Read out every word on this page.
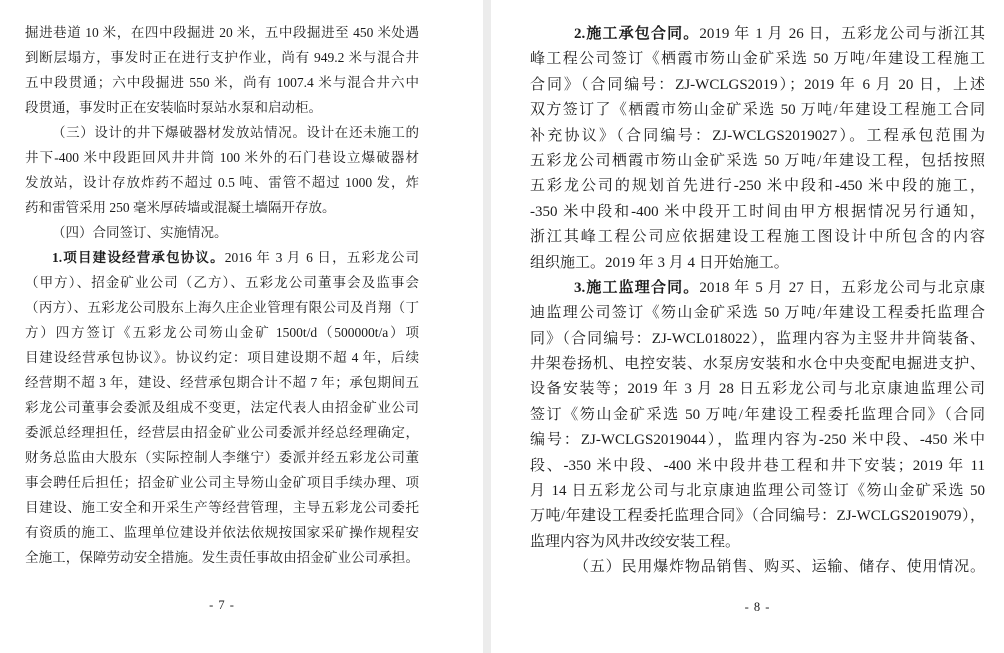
掘进巷道 10 米，在四中段掘进 20 米，五中段掘进至 450 米处遇
到断层塌方，事发时正在进行支护作业，尚有 949.2 米与混合井
五中段贯通；六中段掘进 550 米，尚有 1007.4 米与混合井六中
段贯通，事发时正在安装临时泵站水泵和启动柜。
（三）设计的井下爆破器材发放站情况。设计在还未施工的
井下-400 米中段距回风井井筒 100 米外的石门巷设立爆破器材
发放站，设计存放炸药不超过 0.5 吨、雷管不超过 1000 发，炸
药和雷管采用 250 毫米厚砖墙或混凝土墙隔开存放。
（四）合同签订、实施情况。
1.项目建设经营承包协议。2016 年 3 月 6 日，五彩龙公司
（甲方）、招金矿业公司（乙方）、五彩龙公司董事会及监事会
（丙方）、五彩龙公司股东上海久庄企业管理有限公司及肖翔（丁
方）四方签订《五彩龙公司笏山金矿 1500t/d（500000t/a）项
目建设经营承包协议》。协议约定：项目建设期不超 4 年，后续
经营期不超 3 年，建设、经营承包期合计不超 7 年；承包期间五
彩龙公司董事会委派及组成不变更，法定代表人由招金矿业公司
委派总经理担任，经营层由招金矿业公司委派并经总经理确定，
财务总监由大股东（实际控制人李继宁）委派并经五彩龙公司董
事会聘任后担任；招金矿业公司主导笏山金矿项目手续办理、项
目建设、施工安全和开采生产等经营管理，主导五彩龙公司委托
有资质的施工、监理单位建设并依法依规按国家采矿操作规程安
全施工，保障劳动安全措施。发生责任事故由招金矿业公司承担。
2.施工承包合同。2019 年 1 月 26 日，五彩龙公司与浙江其
峰工程公司签订《栖霞市笏山金矿采选 50 万吨/年建设工程施工
合同》（合同编号：ZJ-WCLGS2019）；2019 年 6 月 20 日，上述
双方签订了《栖霞市笏山金矿采选 50 万吨/年建设工程施工合同
补充协议》（合同编号：ZJ-WCLGS2019027）。工程承包范围为
五彩龙公司栖霞市笏山金矿采选 50 万吨/年建设工程，包括按照
五彩龙公司的规划首先进行-250 米中段和-450 米中段的施工，
-350 米中段和-400 米中段开工时间由甲方根据情况另行通知，
浙江其峰工程公司应依据建设工程施工图设计中所包含的内容
组织施工。2019 年 3 月 4 日开始施工。
3.施工监理合同。2018 年 5 月 27 日，五彩龙公司与北京康
迪监理公司签订《笏山金矿采选 50 万吨/年建设工程委托监理合
同》（合同编号：ZJ-WCL018022），监理内容为主竖井井筒装备、
井架卷扬机、电控安装、水泵房安装和水仓中央变配电掘进支护、
设备安装等；2019 年 3 月 28 日五彩龙公司与北京康迪监理公司
签订《笏山金矿采选 50 万吨/年建设工程委托监理合同》（合同
编号：ZJ-WCLGS2019044），监理内容为-250 米中段、-450 米中
段、-350 米中段、-400 米中段井巷工程和井下安装；2019 年 11
月 14 日五彩龙公司与北京康迪监理公司签订《笏山金矿采选 50
万吨/年建设工程委托监理合同》（合同编号：ZJ-WCLGS2019079），
监理内容为风井改绞安装工程。
（五）民用爆炸物品销售、购买、运输、储存、使用情况。
- 7 -	- 8 -
